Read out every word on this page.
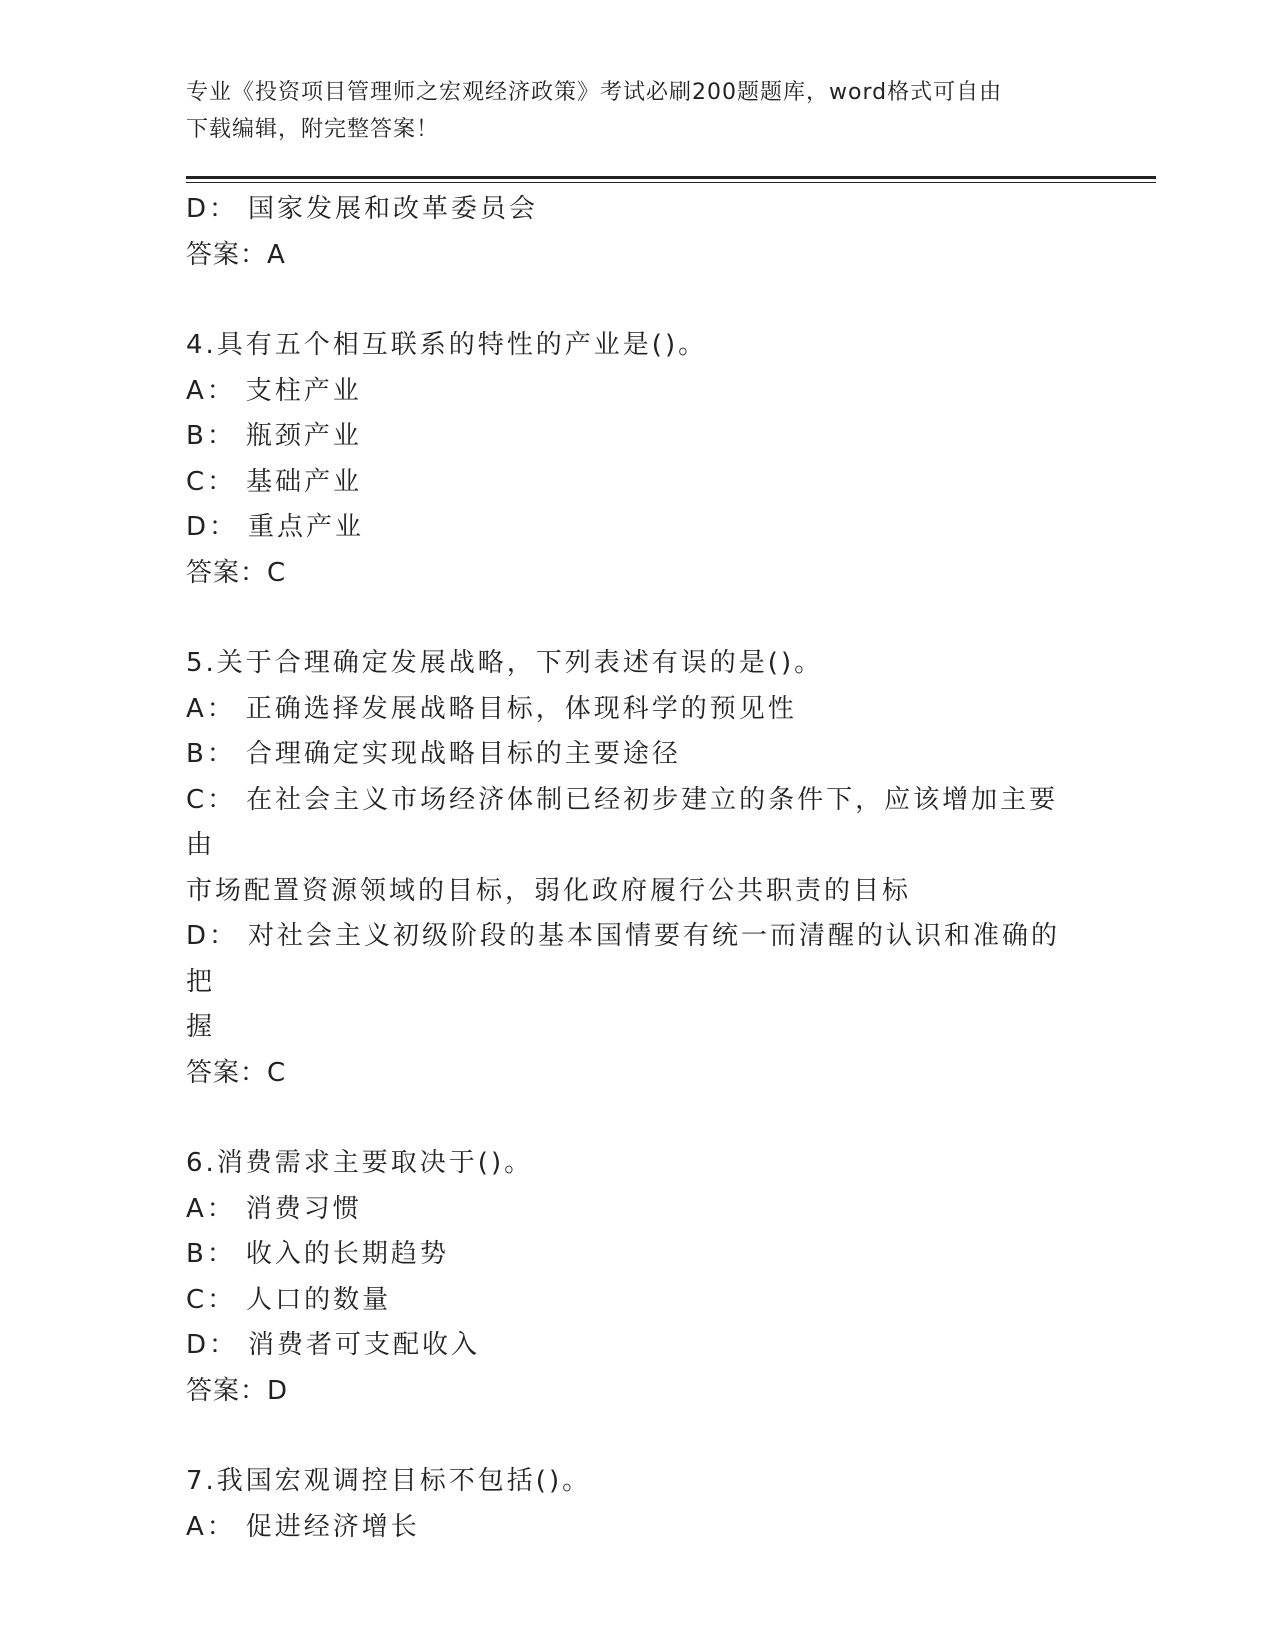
专业《投资项目管理师之宏观经济政策》考试必刷200题题库，word格式可自由
下载编辑，附完整答案！

D： 国家发展和改革委员会

答案：A

4.具有五个相互联系的特性的产业是()。

A： 支柱产业

B： 瓶颈产业

C： 基础产业

D： 重点产业

答案：C

5.关于合理确定发展战略，下列表述有误的是()。

A： 正确选择发展战略目标，体现科学的预见性

B： 合理确定实现战略目标的主要途径

C： 在社会主义市场经济体制已经初步建立的条件下，应该增加主要由

市场配置资源领域的目标，弱化政府履行公共职责的目标

D： 对社会主义初级阶段的基本国情要有统一而清醒的认识和准确的把

握

答案：C

6.消费需求主要取决于()。

A： 消费习惯

B： 收入的长期趋势

C： 人口的数量

D： 消费者可支配收入

答案：D

7.我国宏观调控目标不包括()。

A： 促进经济增长
